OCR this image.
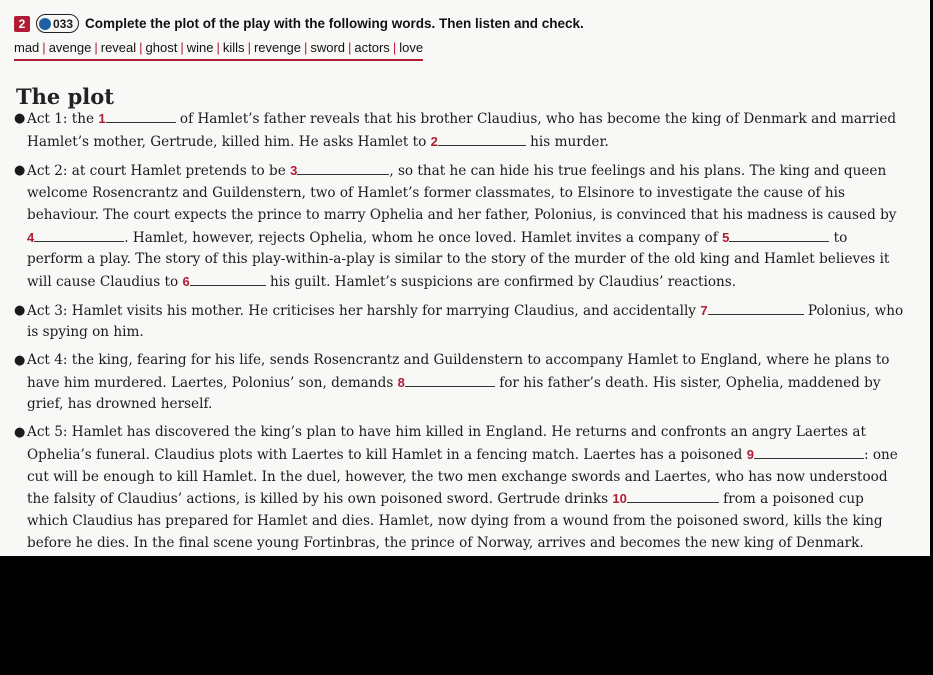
2	033 Complete the plot of the play with the following words. Then listen and check.
mad | avenge | reveal | ghost | wine | kills | revenge | sword | actors | love
The plot

● Act 1: the 1	of Hamlet’s father reveals that his brother Claudius, who has become the king of Denmark and married Hamlet’s mother, Gertrude, killed him. He asks Hamlet to 2	his murder.

● Act 2: at court Hamlet pretends to be 3	, so that he can hide his true feelings and his plans. The king and queen welcome Rosencrantz and Guildenstern, two of Hamlet’s former classmates, to Elsinore to investigate the cause of his behaviour. The court expects the prince to marry Ophelia and her father, Polonius, is convinced that his madness is caused by 4	. Hamlet, however, rejects Ophelia, whom he once loved. Hamlet invites a company of 5	to perform a play. The story of this play-within-a-play is similar to the story of the murder of the old king and Hamlet believes it will cause Claudius to 6	his guilt. Hamlet’s suspicions are confirmed by Claudius’ reactions.

● Act 3: Hamlet visits his mother. He criticises her harshly for marrying Claudius, and accidentally 7	Polonius, who is spying on him.

● Act 4: the king, fearing for his life, sends Rosencrantz and Guildenstern to accompany Hamlet to England, where he plans to have him murdered. Laertes, Polonius’ son, demands 8	for his father’s death. His sister, Ophelia, maddened by grief, has drowned herself.

● Act 5: Hamlet has discovered the king’s plan to have him killed in England. He returns and confronts an angry Laertes at Ophelia’s funeral. Claudius plots with Laertes to kill Hamlet in a fencing match. Laertes has a poisoned 9	: one cut will be enough to kill Hamlet. In the duel, however, the two men exchange swords and Laertes, who has now understood the falsity of Claudius’ actions, is killed by his own poisoned sword. Gertrude drinks 10	from a poisoned cup which Claudius has prepared for Hamlet and dies. Hamlet, now dying from a wound from the poisoned sword, kills the king before he dies. In the final scene young Fortinbras, the prince of Norway, arrives and becomes the new king of Denmark.
